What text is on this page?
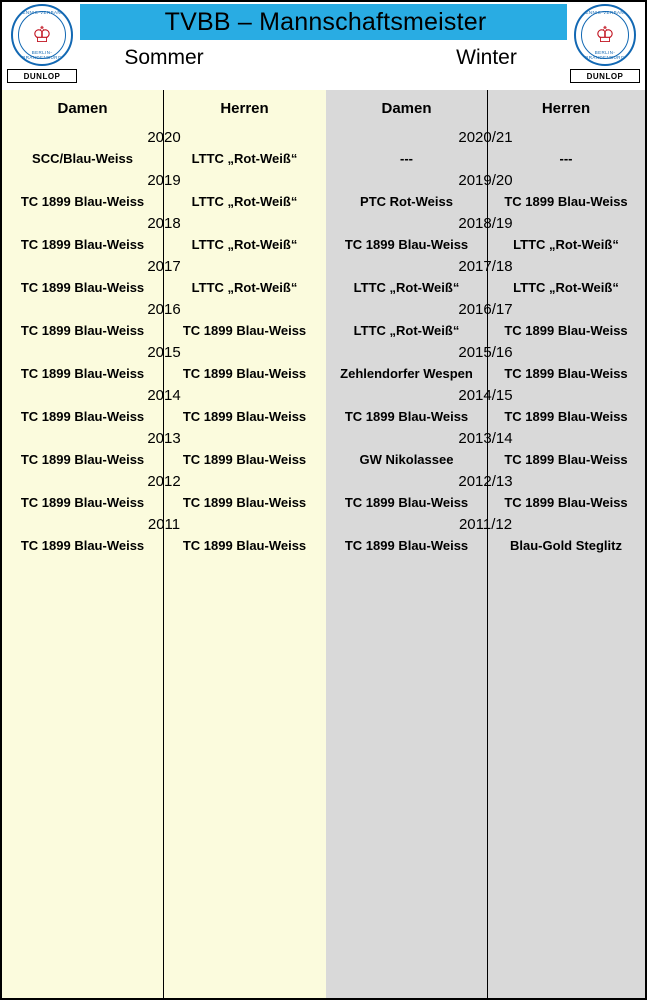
TVBB – Mannschaftsmeister
TENNIS-VERBAND
♔
BERLIN-BRANDENBURG
DUNLOP
TENNIS-VERBAND
♔
BERLIN-BRANDENBURG
DUNLOP
Sommer	Winter
Damen	Herren	Damen	Herren
2020	2020/21
SCC/Blau-Weiss	LTTC „Rot-Weiß“	---	---
2019	2019/20
TC 1899 Blau-Weiss	LTTC „Rot-Weiß“	PTC Rot-Weiss	TC 1899 Blau-Weiss
2018	2018/19
TC 1899 Blau-Weiss	LTTC „Rot-Weiß“	TC 1899 Blau-Weiss	LTTC „Rot-Weiß“
2017	2017/18
TC 1899 Blau-Weiss	LTTC „Rot-Weiß“	LTTC „Rot-Weiß“	LTTC „Rot-Weiß“
2016	2016/17
TC 1899 Blau-Weiss	TC 1899 Blau-Weiss	LTTC „Rot-Weiß“	TC 1899 Blau-Weiss
2015	2015/16
TC 1899 Blau-Weiss	TC 1899 Blau-Weiss	Zehlendorfer Wespen	TC 1899 Blau-Weiss
2014	2014/15
TC 1899 Blau-Weiss	TC 1899 Blau-Weiss	TC 1899 Blau-Weiss	TC 1899 Blau-Weiss
2013	2013/14
TC 1899 Blau-Weiss	TC 1899 Blau-Weiss	GW Nikolassee	TC 1899 Blau-Weiss
2012	2012/13
TC 1899 Blau-Weiss	TC 1899 Blau-Weiss	TC 1899 Blau-Weiss	TC 1899 Blau-Weiss
2011	2011/12
TC 1899 Blau-Weiss	TC 1899 Blau-Weiss	TC 1899 Blau-Weiss	Blau-Gold Steglitz
